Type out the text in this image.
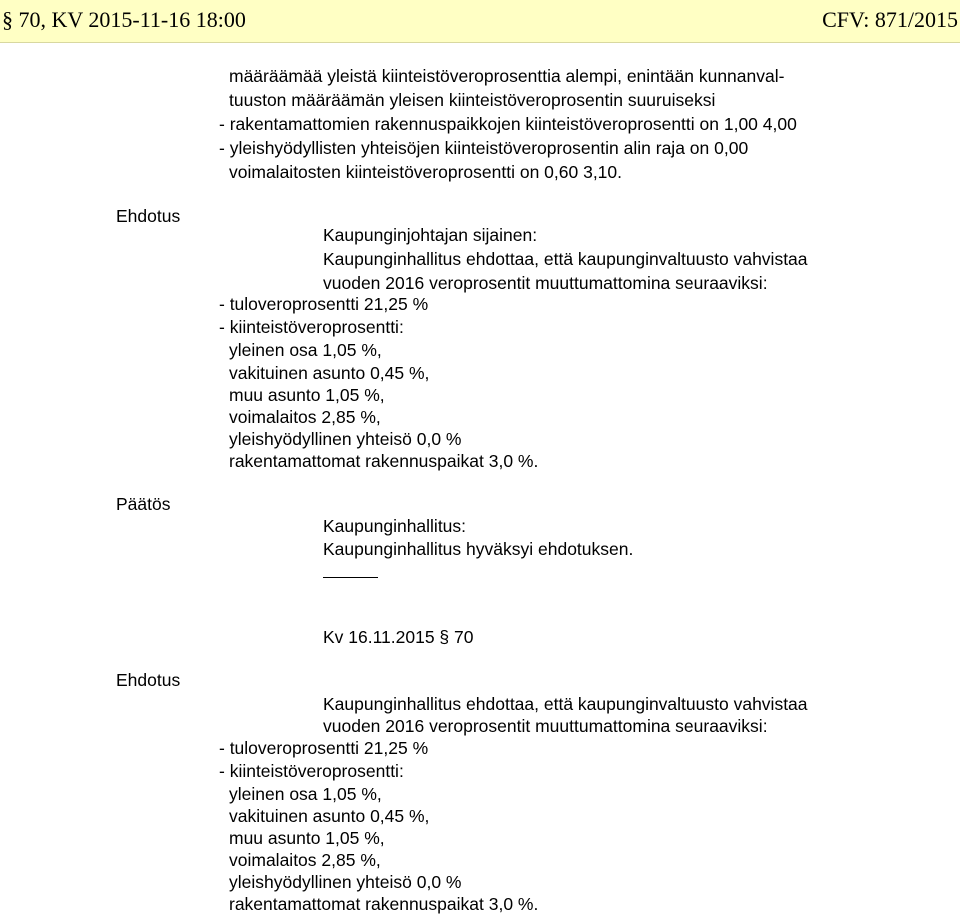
§ 70, KV 2015-11-16 18:00	CFV: 871/2015
määräämää yleistä kiinteistöveroprosenttia alempi, enintään kunnanval-
tuuston määräämän yleisen kiinteistöveroprosentin suuruiseksi
- rakentamattomien rakennuspaikkojen kiinteistöveroprosentti on 1,00 4,00
- yleishyödyllisten yhteisöjen kiinteistöveroprosentin alin raja on 0,00
voimalaitosten kiinteistöveroprosentti on 0,60 3,10.
Ehdotus
Kaupunginjohtajan sijainen:
Kaupunginhallitus ehdottaa, että kaupunginvaltuusto vahvistaa
vuoden 2016 veroprosentit muuttumattomina seuraaviksi:
- tuloveroprosentti 21,25 %
- kiinteistöveroprosentti:
yleinen osa 1,05 %,
vakituinen asunto 0,45 %,
muu asunto 1,05 %,
voimalaitos 2,85 %,
yleishyödyllinen yhteisö 0,0 %
rakentamattomat rakennuspaikat 3,0 %.
Päätös
Kaupunginhallitus:
Kaupunginhallitus hyväksyi ehdotuksen.
Kv 16.11.2015 § 70
Ehdotus
Kaupunginhallitus ehdottaa, että kaupunginvaltuusto vahvistaa
vuoden 2016 veroprosentit muuttumattomina seuraaviksi:
- tuloveroprosentti 21,25 %
- kiinteistöveroprosentti:
yleinen osa 1,05 %,
vakituinen asunto 0,45 %,
muu asunto 1,05 %,
voimalaitos 2,85 %,
yleishyödyllinen yhteisö 0,0 %
rakentamattomat rakennuspaikat 3,0 %.
